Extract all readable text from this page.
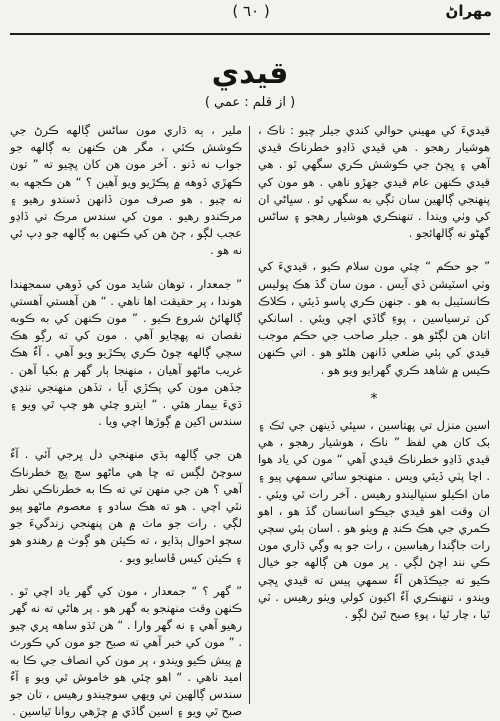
مهراڻ
( ٦٠ )
قيدي
( از قلم : عمي )

قيديءَ کي مهيني حوالي کندي جيلر چيو : ناڪ ، هوشيار رهجو . هي قيدي ڏاڍو خطرناڪ قيدي آهي ۽ ڀڄڻ جي ڪوشش ڪري سگهي ٿو . هي قيدي ڪنهن عام قيدي جهڙو ناهي . هو مون کي پنهنجي ڳالهين سان ٺڳي به سگهي ٿو . سڀاڻي ان کي وٺي ويندا . تنهنڪري هوشيار رهجو ۽ ساڻس گهڻو نه ڳالهائجو .

” جو حڪم “ چئي مون سلام ڪيو ، قيديءَ کي وٺي اسٽيشن ڏي آيس . مون سان گڏ هڪ پوليس ڪانسٽيبل به هو . جنهن ڪري پاسو ڏيئي ، ڪلاڪ کن ترسياسين ، پوءِ گاڏي اچي ويئي . اسانکي اتان هن لڳڻو هو . جيلر صاحب جي حڪم موجب قيدي کي ٻئي ضلعي ڏانهن هلڻو هو . اتي ڪنهن ڪيس ۾ شاهد ڪري گهرايو ويو هو .

*

اسين منزل تي پهتاسين ، سڀئي ڏينهن جي ٿڪ ۽ بک کان هي لفظ ” ناڪ ، هوشيار رهجو ، هي قيدي ڏاڍو خطرناڪ قيدي آهي “ مون کي ياد هوا . اچا پٺي ڏيئي ويس . منهنجو ساٿي سمهي پيو ۽ مان اڪيلو سنڀاليندو رهيس . آخر رات ٿي ويئي . ان وقت اهو قيدي جيڪو اسانسان گڏ هو ، اهو ڪمري جي هڪ ڪنڊ ۾ ويٺو هو . اسان ٻئي سڄي رات جاڳندا رهياسين ، رات جو ٻه وڳي ڌاري مون ڪي نند اچڻ لڳي . پر مون هن ڳالهه جو خيال ڪيو ته جيڪڏهن آءٌ سمهي پيس ته قيدي ڀڄي ويندو ، تنهنڪري آءٌ اکيون کولي ويٺو رهيس . ٽي ٿيا ، چار ٿيا ، پوءِ صبح ٿيڻ لڳو .

ملير ، ٻه ڌاري مون ساڻس ڳالهه ڪرڻ جي ڪوشش ڪئي ، مگر هن ڪنهن به ڳالهه جو جواب نه ڏنو . آخر مون هن کان پڇيو ته ” تون ڪهڙي ڏوهه ۾ پڪڙيو ويو آهين ؟ “ هن ڪجهه به نه چيو . هو صرف مون ڏانهن ڏسندو رهيو ۽ مرڪندو رهيو . مون کي سندس مرڪ تي ڏاڍو عجب لڳو ، ڄڻ هن کي ڪنهن به ڳالهه جو ڊپ ئي نه هو .

” جمعدار ، توهان شايد مون کي ڏوهي سمجهندا هوندا ، پر حقيقت اها ناهي . “ هن آهستي آهستي ڳالهائڻ شروع ڪيو . ” مون ڪنهن کي به ڪوبه نقصان نه پهچايو آهي . مون کي ته رڳو هڪ سچي ڳالهه چوڻ ڪري پڪڙيو ويو آهي . آءٌ هڪ غريب ماڻهو آهيان ، منهنجا ٻار گهر ۾ بکيا آهن . جڏهن مون کي پڪڙي آيا ، تڏهن منهنجي ننڍي ڌيءَ بيمار هئي . “ ايترو چئي هو چپ ٿي ويو ۽ سندس اکين ۾ ڳوڙها اچي ويا .

هن جي ڳالهه ٻڌي منهنجي دل ڀرجي آئي . آءٌ سوچڻ لڳس ته ڇا هي ماڻهو سچ پچ خطرناڪ آهي ؟ هن جي منهن تي ته ڪا به خطرناڪي نظر نٿي اچي . هو ته هڪ سادو ۽ معصوم ماڻهو پيو لڳي . رات جو ماٺ ۾ هن پنهنجي زندگيءَ جو سڄو احوال ٻڌايو ، ته ڪيئن هو ڳوٺ ۾ رهندو هو ۽ ڪيئن کيس ڦاسايو ويو .

” گهر ؟ “ جمعدار ، مون کي گهر ياد اچي ٿو . ڪنهن وقت منهنجو به گهر هو . پر هاڻي ته نه گهر رهيو آهي ۽ نه گهر وارا . “ هن ٿڌو ساهه ڀري چيو . ” مون کي خبر آهي ته صبح جو مون کي ڪورٽ ۾ پيش ڪيو ويندو ، پر مون کي انصاف جي ڪا به اميد ناهي . “ اهو چئي هو خاموش ٿي ويو ۽ آءٌ سندس ڳالهين تي ويهي سوچيندو رهيس ، تان جو صبح ٿي ويو ۽ اسين گاڏي ۾ چڙهي روانا ٿياسين .
